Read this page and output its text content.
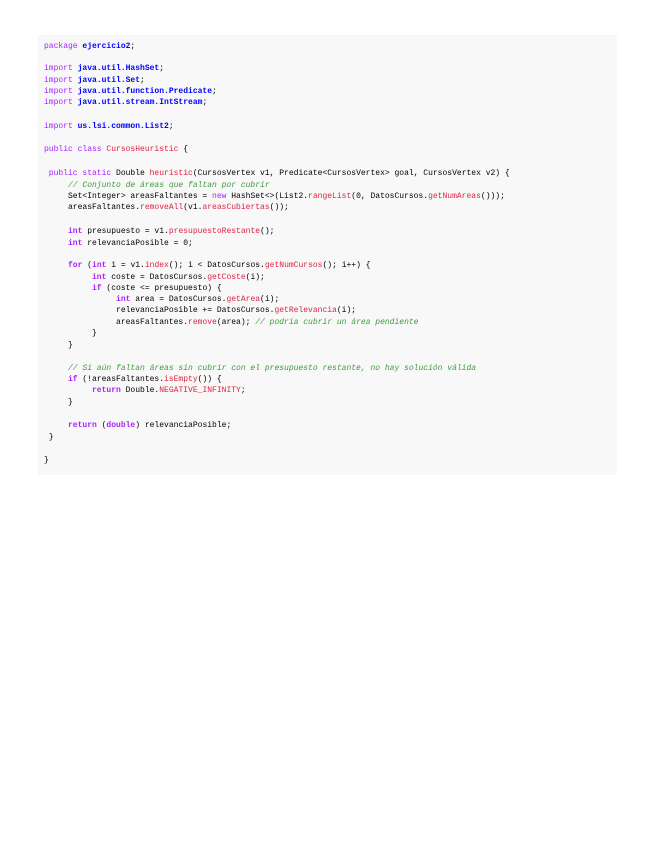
package ejercicio2;
import java.util.HashSet;
import java.util.Set;
import java.util.function.Predicate;
import java.util.stream.IntStream;
import us.lsi.common.List2;
public class CursosHeuristic {
public static Double heuristic(CursosVertex v1, Predicate<CursosVertex> goal, CursosVertex v2) {
// Conjunto de áreas que faltan por cubrir
Set<Integer> areasFaltantes = new HashSet<>(List2.rangeList(0, DatosCursos.getNumAreas()));
areasFaltantes.removeAll(v1.areasCubiertas());
int presupuesto = v1.presupuestoRestante();
int relevanciaPosible = 0;
for (int i = v1.index(); i < DatosCursos.getNumCursos(); i++) {
int coste = DatosCursos.getCoste(i);
if (coste <= presupuesto) {
int area = DatosCursos.getArea(i);
relevanciaPosible += DatosCursos.getRelevancia(i);
areasFaltantes.remove(area); // podría cubrir un área pendiente
}
}
// Si aún faltan áreas sin cubrir con el presupuesto restante, no hay solución válida
if (!areasFaltantes.isEmpty()) {
return Double.NEGATIVE_INFINITY;
}
return (double) relevanciaPosible;
}
}
